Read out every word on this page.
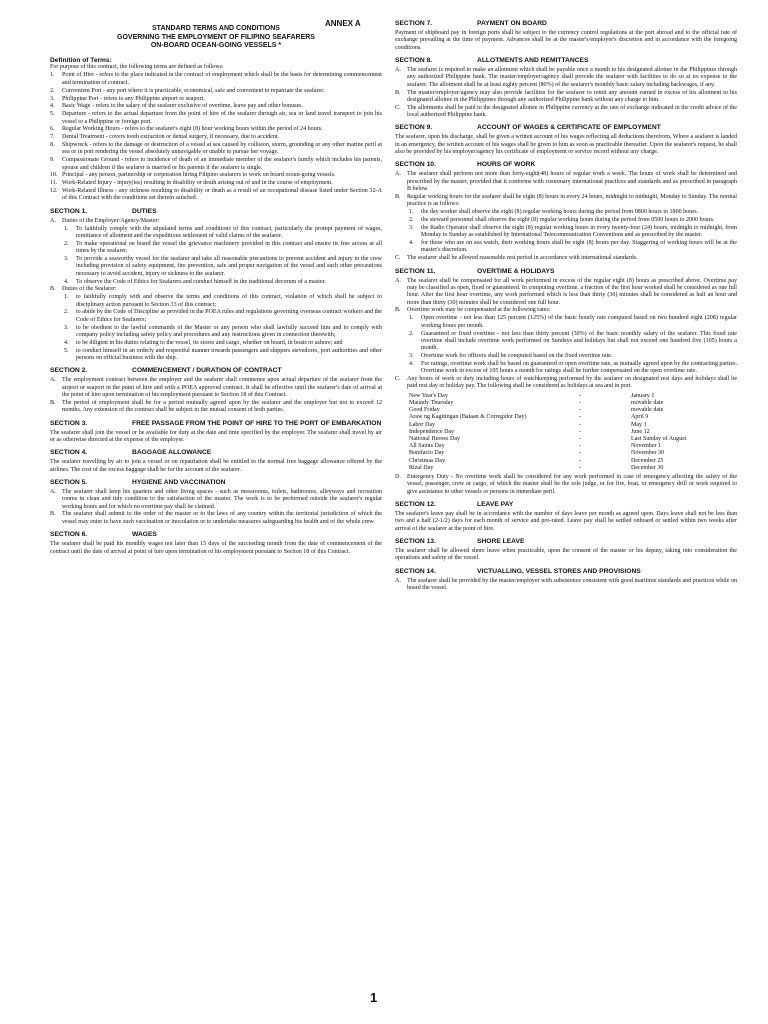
ANNEX A
STANDARD TERMS AND CONDITIONS
GOVERNING THE EMPLOYMENT OF FILIPINO SEAFARERS
ON-BOARD OCEAN-GOING VESSELS *
Definition of Terms:

For purpose of this contract, the following terms are defined as follows:

1.	Point of Hire - refers to the place indicated in the contract of employment which shall be the basis for determining commencement and termination of contract.
2.	Convenient Port - any port where it is practicable, economical, safe and convenient to repatriate the seafarer.
3.	Philippine Port - refers to any Philippine airport or seaport.
4.	Basic Wage - refers to the salary of the seafarer exclusive of overtime, leave pay and other bonuses.
5.	Departure - refers to the actual departure from the point of hire of the seafarer through air, sea or land travel transport to join his vessel to a Philippine or foreign port.
6.	Regular Working Hours - refers to the seafarer's eight (8) hour working hours within the period of 24 hours.
7.	Dental Treatment - covers tooth extraction or dental surgery, if necessary, due to accident.
8.	Shipwreck - refers to the damage or destruction of a vessel at sea caused by collision, storm, grounding or any other marine peril at sea or in port rendering the vessel absolutely unnavigable or unable to pursue her voyage.
9.	Compassionate Ground - refers to incidence of death of an immediate member of the seafarer's family which includes his parents, spouse and children if the seafarer is married or his parents if the seafarer is single.
10. Principal - any person, partnership or corporation hiring Filipino seafarers to work on board ocean-going vessels.
11. Work-Related Injury - injury(ies) resulting in disability or death arising out of and in the course of employment.
12. Work-Related Illness - any sickness resulting to disability or death as a result of an occupational disease listed under Section 32-A of this Contract with the conditions set therein satisfied.
SECTION 1.	DUTIES
A.	Duties of the Employer/Agency/Master:
1.	To faithfully comply with the stipulated terms and conditions of this contract, particularly the prompt payment of wages, remittance of allotment and the expeditious settlement of valid claims of the seafarer.
2.	To make operational on board the vessel the grievance machinery provided in this contract and ensure its free access at all times by the seafarer.
3.	To provide a seaworthy vessel for the seafarer and take all reasonable precautions to prevent accident and injury to the crew including provision of safety equipment, fire prevention, safe and proper navigation of the vessel and such other precautions necessary to avoid accident, injury or sickness to the seafarer.
4.	To observe the Code of Ethics for Seafarers and conduct himself in the traditional decorum of a master.
B.	Duties of the Seafarer:
1.	to faithfully comply with and observe the terms and conditions of this contract, violation of which shall be subject to disciplinary action pursuant to Section 33 of this contract;
2.	to abide by the Code of Discipline as provided in the POEA rules and regulations governing overseas contract workers and the Code of Ethics for Seafarers;
3.	to be obedient to the lawful commands of the Master or any person who shall lawfully succeed him and to comply with company policy including safety policy and procedures and any instructions given in connection therewith;
4.	to be diligent in his duties relating to the vessel, its stores and cargo, whether on board, in boats or ashore; and
5.	to conduct himself in an orderly and respectful manner towards passengers and shippers stevedores, port authorities and other persons on official business with the ship.
SECTION 2.	COMMENCEMENT / DURATION OF CONTRACT
A.	The employment contract between the employer and the seafarer shall commence upon actual departure of the seafarer from the airport or seaport in the point of hire and with a POEA approved contract. It shall be effective until the seafarer's date of arrival at the point of hire upon termination of his employment pursuant to Section 18 of this Contract.
B.	The period of employment shall be for a period mutually agreed upon by the seafarer and the employer but not to exceed 12 months. Any extension of the contract shall be subject to the mutual consent of both parties.
SECTION 3.	FREE PASSAGE FROM THE POINT OF HIRE TO THE PORT OF EMBARKATION

The seafarer shall join the vessel or be available for duty at the date and time specified by the employer. The seafarer shall travel by air or as otherwise directed at the expense of the employer.

SECTION 4.	BAGGAGE ALLOWANCE

The seafarer travelling by air to join a vessel or on repatriation shall be entitled to the normal free baggage allowance offered by the airlines. The cost of the excess baggage shall be for the account of the seafarer.

SECTION 5.	HYGIENE AND VACCINATION
A.	The seafarer shall keep his quarters and other living spaces - such as messrooms, toilets, bathrooms, alleyways and recreation rooms in clean and tidy condition to the satisfaction of the master. The work is to be performed outside the seafarer's regular working hours and for which no overtime pay shall be claimed.
B.	The seafarer shall submit to the order of the master or to the laws of any country within the territorial jurisdiction of which the vessel may enter to have such vaccination or inoculation or to undertake measures safeguarding his health and of the whole crew.
SECTION 6.	WAGES

The seafarer shall be paid his monthly wages not later than 15 days of the succeeding month from the date of commencement of the contract until the date of arrival at point of hire upon termination of his employment pursuant to Section 18 of this Contract.

SECTION 7.	PAYMENT ON BOARD

Payment of shipboard pay in foreign ports shall be subject to the currency control regulations at the port abroad and to the official rate of exchange prevailing at the time of payment. Advances shall be at the master's/employer's discretion and in accordance with the foregoing conditions.

SECTION 8.	ALLOTMENTS AND REMITTANCES
A.	The seafarer is required to make an allotment which shall be payable once a month to his designated allottee in the Philippines through any authorized Philippine bank. The master/employer/agency shall provide the seafarer with facilities to do so at no expense to the seafarer. The allotment shall be at least eighty percent (80%) of the seafarer's monthly basic salary including backwages, if any.
B.	The master/employer/agency may also provide facilities for the seafarer to remit any amount earned in excess of his allotment to his designated allottee in the Philippines through any authorized Philippine bank without any charge to him.
C.	The allotments shall be paid to the designated allottee in Philippine currency at the rate of exchange indicated in the credit advice of the local authorized Philippine bank.
SECTION 9.	ACCOUNT OF WAGES & CERTIFICATE OF EMPLOYMENT

The seafarer, upon his discharge, shall be given a written account of his wages reflecting all deductions therefrom. Where a seafarer is landed in an emergency, the written account of his wages shall be given to him as soon as practicable thereafter. Upon the seafarer's request, he shall also be provided by his employer/agency his certificate of employment or service record without any charge.

SECTION 10.	HOURS OF WORK
A.	The seafarer shall perform not more than forty-eight(48) hours of regular work a week. The hours of work shall be determined and prescribed by the master, provided that it conforms with customary international practices and standards and as prescribed in paragraph B below.
B.	Regular working hours for the seafarer shall be eight (8) hours in every 24 hours, midnight to midnight, Monday to Sunday. The normal practice is as follows:
1.	the day worker shall observe the eight (8) regular working hours during the period from 0800 hours to 1800 hours.
2.	the steward personnel shall observe the eight (8) regular working hours during the period from 0500 hours to 2000 hours.
3.	the Radio Operator shall observe the eight (8) regular working hours in every twenty-four (24) hours, midnight to midnight, from Monday to Sunday as established by International Telecommunication Conventions and as prescribed by the master.
4.	for those who are on sea watch, their working hours shall be eight (8) hours per day. Staggering of working hours will be at the master's discretion.
C.	The seafarer shall be allowed reasonable rest period in accordance with international standards.
SECTION 11.	OVERTIME & HOLIDAYS
A.	The seafarer shall be compensated for all work performed in excess of the regular eight (8) hours as prescribed above. Overtime pay may be classified as open, fixed or guaranteed. In computing overtime, a fraction of the first hour worked shall be considered as one full hour. After the first hour overtime, any work performed which is less than thirty (30) minutes shall be considered as half an hour and more than thirty (30) minutes shall be considered one full hour.
B.	Overtime work may be compensated at the following rates:
1.	Open overtime - not less than 125 percent (125%) of the basic hourly rate computed based on two hundred eight (208) regular working hours per month.
2.	Guaranteed or fixed overtime - not less than thirty percent (30%) of the basic monthly salary of the seafarer. This fixed rate overtime shall include overtime work performed on Sundays and holidays but shall not exceed one hundred five (105) hours a month.
3.	Overtime work for officers shall be computed based on the fixed overtime rate.
4.	For ratings, overtime work shall be based on guaranteed or open overtime rate, as mutually agreed upon by the contracting parties. Overtime work in excess of 105 hours a month for ratings shall be further compensated on the open overtime rate.
C.	Any hours of work or duty including hours of watchkeeping performed by the seafarer on designated rest days and holidays shall be paid rest day or holiday pay. The following shall be considered as holidays at sea and in port.
New Year's Day	-	January 1
Maundy Thursday	-	movable date
Good Friday	-	movable date
Araw ng Kagitingan (Bataan & Corregidor Day)	-	April 9
Labor Day	-	May 1
Independence Day	-	June 12
National Heroes Day	-	Last Sunday of August
All Saints Day	-	November 1
Bonifacio Day	-	November 30
Christmas Day	-	December 25
Rizal Day	-	December 30
D.	Emergency Duty - No overtime work shall be considered for any work performed in case of emergency affecting the safety of the vessel, passenger, crew or cargo, of which the master shall be the sole judge, or for fire, boat, or emergency drill or work required to give assistance to other vessels or persons in immediate peril.
SECTION 12.	LEAVE PAY

The seafarer's leave pay shall be in accordance with the number of days leave per month as agreed upon. Days leave shall not be less than two and a half (2-1/2) days for each month of service and pro-rated. Leave pay shall be settled onboard or settled within two weeks after arrival of the seafarer at the point of hire.

SECTION 13.	SHORE LEAVE

The seafarer shall be allowed shore leave when practicable, upon the consent of the master or his deputy, taking into consideration the operations and safety of the vessel.

SECTION 14.	VICTUALLING, VESSEL STORES AND PROVISIONS
A.	The seafarer shall be provided by the master/employer with subsistence consistent with good maritime standards and practices while on board the vessel.
1
